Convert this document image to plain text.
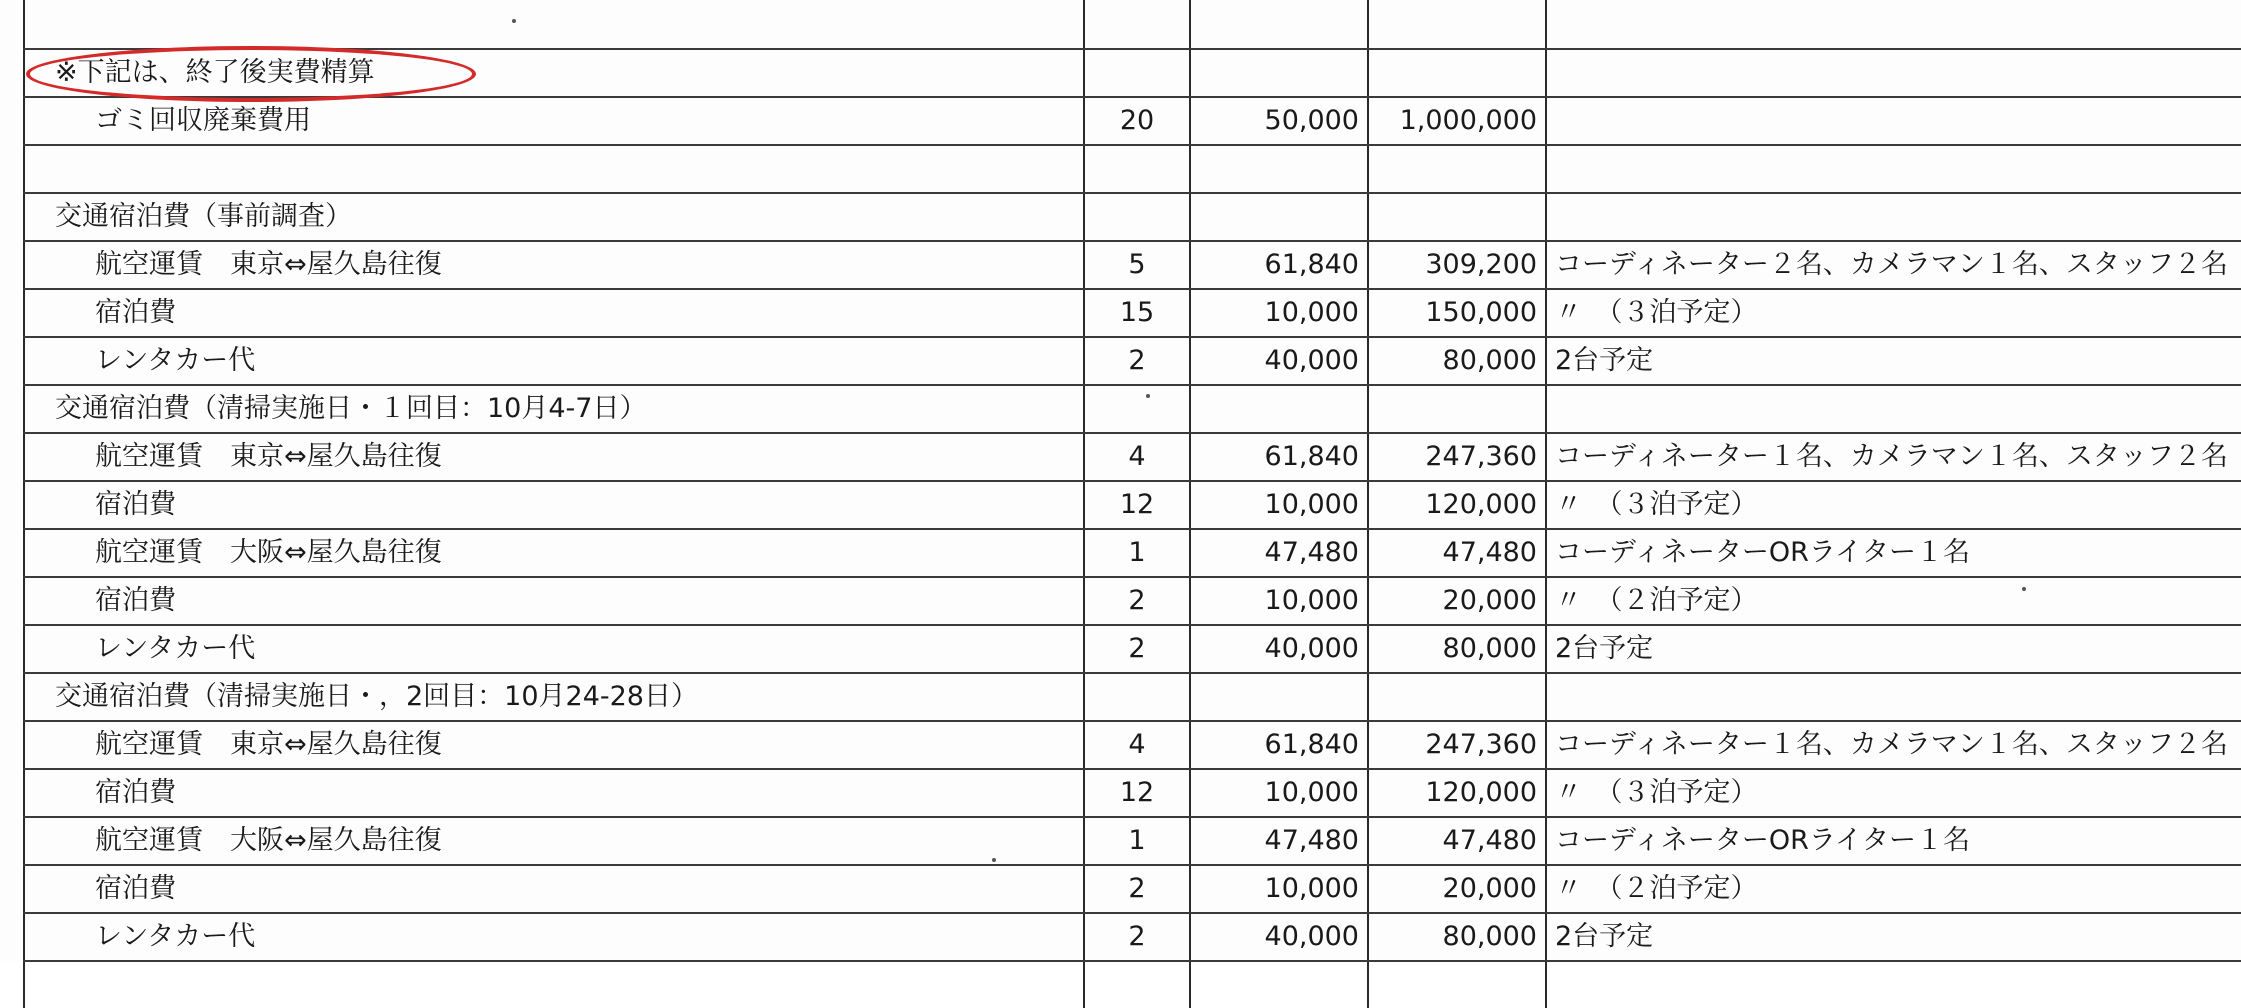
※下記は、終了後実費精算				
ゴミ回収廃棄費用	20	50,000	1,000,000	

交通宿泊費（事前調査）				
航空運賃　東京⇔屋久島往復	5	61,840	309,200	コーディネーター２名、カメラマン１名、スタッフ２名
宿泊費	15	10,000	150,000	〃　（３泊予定）
レンタカー代	2	40,000	80,000	2台予定
交通宿泊費（清掃実施日・１回目：10月4-7日）				
航空運賃　東京⇔屋久島往復	4	61,840	247,360	コーディネーター１名、カメラマン１名、スタッフ２名
宿泊費	12	10,000	120,000	〃　（３泊予定）
航空運賃　大阪⇔屋久島往復	1	47,480	47,480	コーディネーターORライター１名
宿泊費	2	10,000	20,000	〃　（２泊予定）
レンタカー代	2	40,000	80,000	2台予定
交通宿泊費（清掃実施日・，2回目：10月24-28日）				
航空運賃　東京⇔屋久島往復	4	61,840	247,360	コーディネーター１名、カメラマン１名、スタッフ２名
宿泊費	12	10,000	120,000	〃　（３泊予定）
航空運賃　大阪⇔屋久島往復	1	47,480	47,480	コーディネーターORライター１名
宿泊費	2	10,000	20,000	〃　（２泊予定）
レンタカー代	2	40,000	80,000	2台予定
